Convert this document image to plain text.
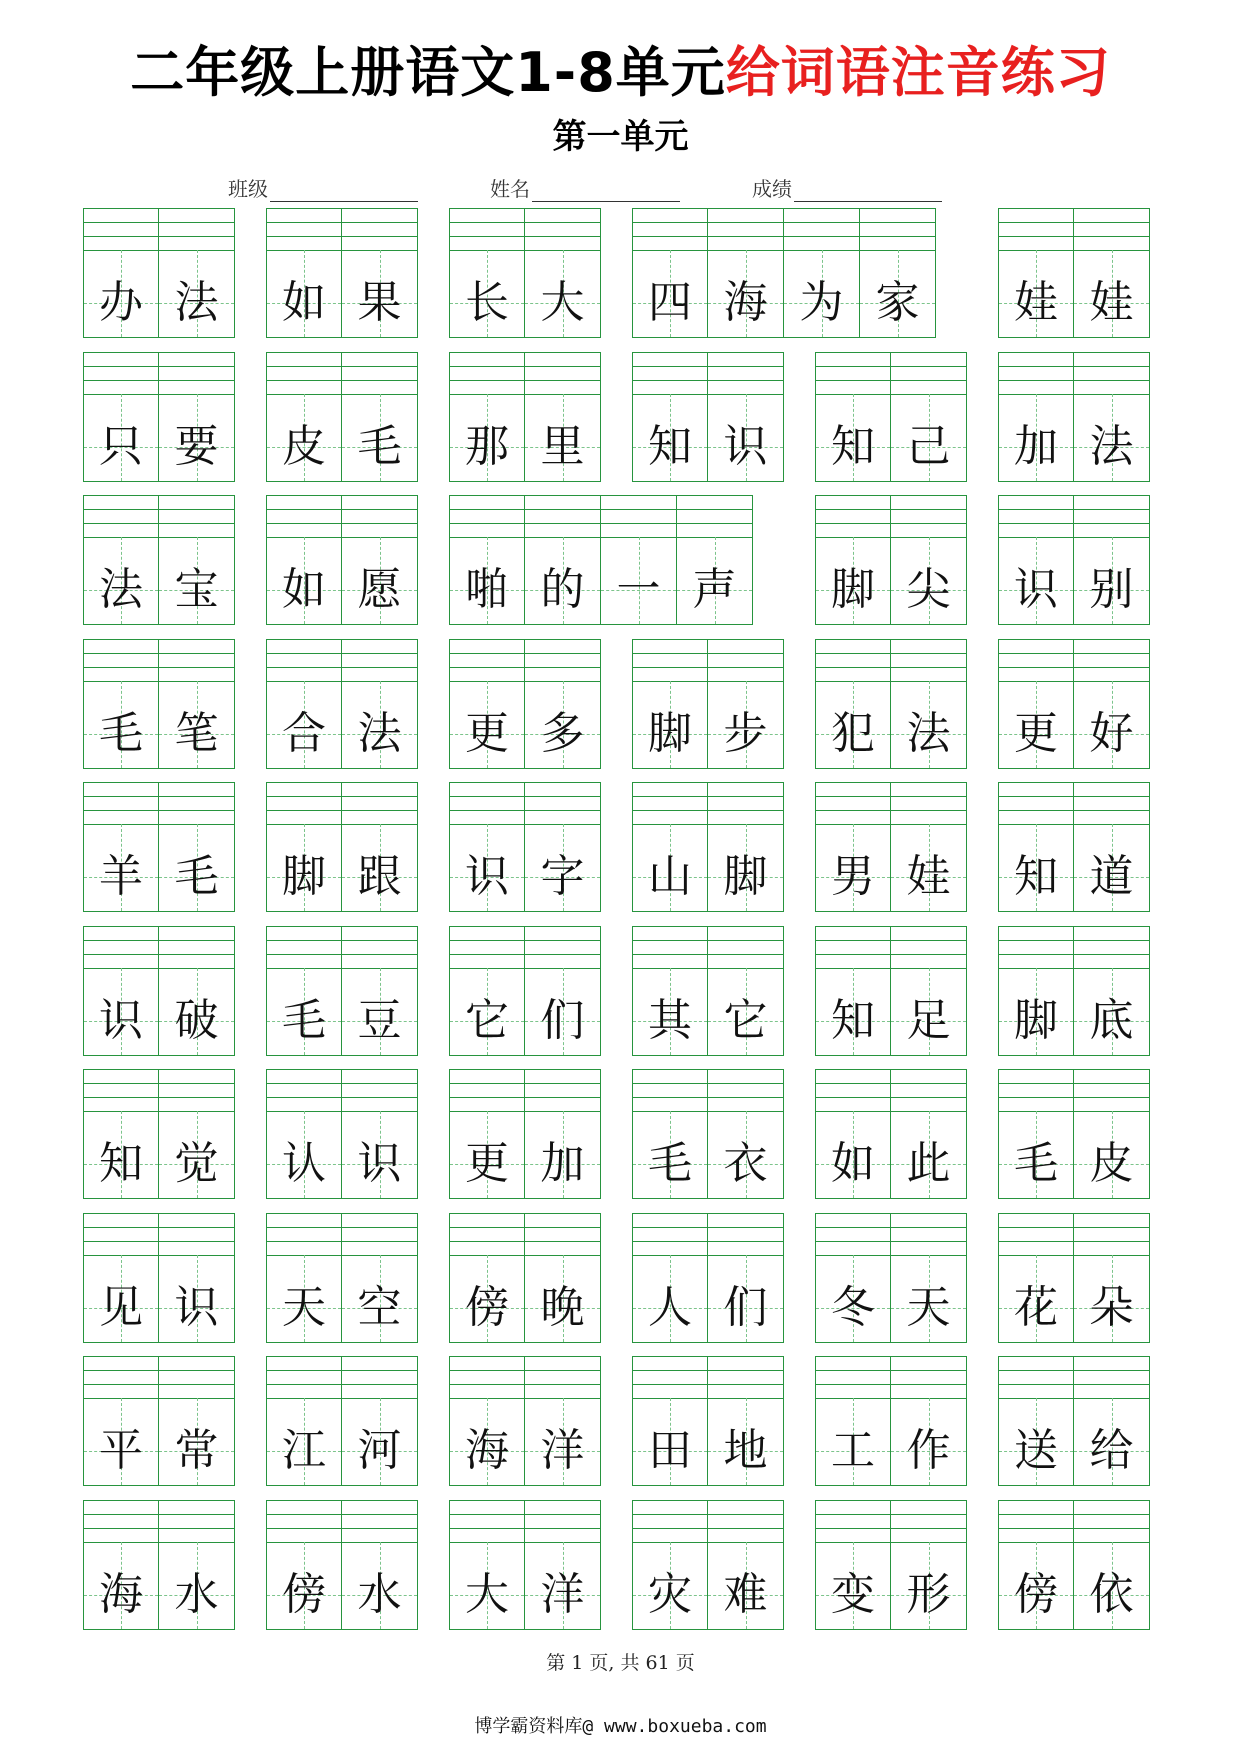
二年级上册语文1-8单元给词语注音练习
第一单元
班级	姓名	成绩
办 法	如 果	长 大	四 海 为 家	娃 娃
只 要	皮 毛	那 里	知 识	知 己	加 法
法 宝	如 愿	啪 的 一 声	脚 尖	识 别
毛 笔	合 法	更 多	脚 步	犯 法	更 好
羊 毛	脚 跟	识 字	山 脚	男 娃	知 道
识 破	毛 豆	它 们	其 它	知 足	脚 底
知 觉	认 识	更 加	毛 衣	如 此	毛 皮
见 识	天 空	傍 晚	人 们	冬 天	花 朵
平 常	江 河	海 洋	田 地	工 作	送 给
海 水	傍 水	大 洋	灾 难	变 形	傍 依
第 1 页, 共 61 页
博学霸资料库@ www.boxueba.com
